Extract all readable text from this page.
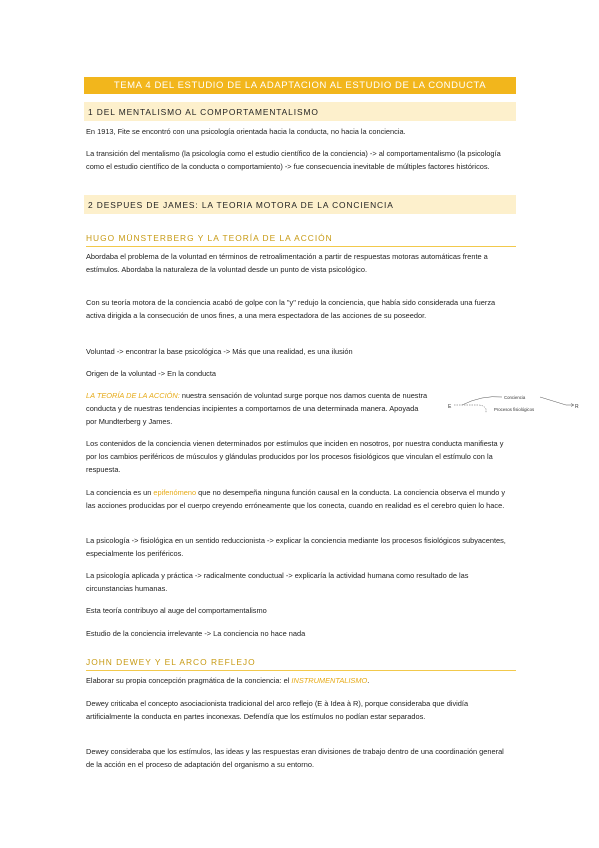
TEMA 4 DEL ESTUDIO DE LA ADAPTACION AL ESTUDIO DE LA CONDUCTA
1 DEL MENTALISMO AL COMPORTAMENTALISMO

En 1913, Fite se encontró con una psicología orientada hacia la conducta, no hacia la conciencia.

La transición del mentalismo (la psicología como el estudio científico de la conciencia) -> al comportamentalismo (la psicología como el estudio científico de la conducta o comportamiento) -> fue consecuencia inevitable de múltiples factores históricos.

2 DESPUES DE JAMES: LA TEORIA MOTORA DE LA CONCIENCIA
HUGO MÜNSTERBERG Y LA TEORÍA DE LA ACCIÓN

Abordaba el problema de la voluntad en términos de retroalimentación a partir de respuestas motoras automáticas frente a estímulos. Abordaba la naturaleza de la voluntad desde un punto de vista psicológico.

Con su teoría motora de la conciencia acabó de golpe con la "y" redujo la conciencia, que había sido considerada una fuerza activa dirigida a la consecución de unos fines, a una mera espectadora de las acciones de su poseedor.

Voluntad -> encontrar la base psicológica -> Más que una realidad, es una ilusión

Origen de la voluntad -> En la conducta

LA TEORÍA DE LA ACCIÓN: nuestra sensación de voluntad surge porque nos damos cuenta de nuestra conducta y de nuestras tendencias incipientes a comportarnos de una determinada manera. Apoyada por Mundterberg y James.

E	R
Conciencia
Procesos fisiológicos

Los contenidos de la conciencia vienen determinados por estímulos que inciden en nosotros, por nuestra conducta manifiesta y por los cambios periféricos de músculos y glándulas producidos por los procesos fisiológicos que vinculan el estímulo con la respuesta.

La conciencia es un epifenómeno que no desempeña ninguna función causal en la conducta. La conciencia observa el mundo y las acciones producidas por el cuerpo creyendo erróneamente que los conecta, cuando en realidad es el cerebro quien lo hace.

La psicología -> fisiológica en un sentido reduccionista -> explicar la conciencia mediante los procesos fisiológicos subyacentes, especialmente los periféricos.

La psicología aplicada y práctica -> radicalmente conductual -> explicaría la actividad humana como resultado de las circunstancias humanas.

Esta teoría contribuyo al auge del comportamentalismo

Estudio de la conciencia irrelevante -> La conciencia no hace nada

JOHN DEWEY Y EL ARCO REFLEJO

Elaborar su propia concepción pragmática de la conciencia: el INSTRUMENTALISMO.

Dewey criticaba el concepto asociacionista tradicional del arco reflejo (E à Idea à R), porque consideraba que dividía artificialmente la conducta en partes inconexas. Defendía que los estímulos no podían estar separados.

Dewey consideraba que los estímulos, las ideas y las respuestas eran divisiones de trabajo dentro de una coordinación general de la acción en el proceso de adaptación del organismo a su entorno.
